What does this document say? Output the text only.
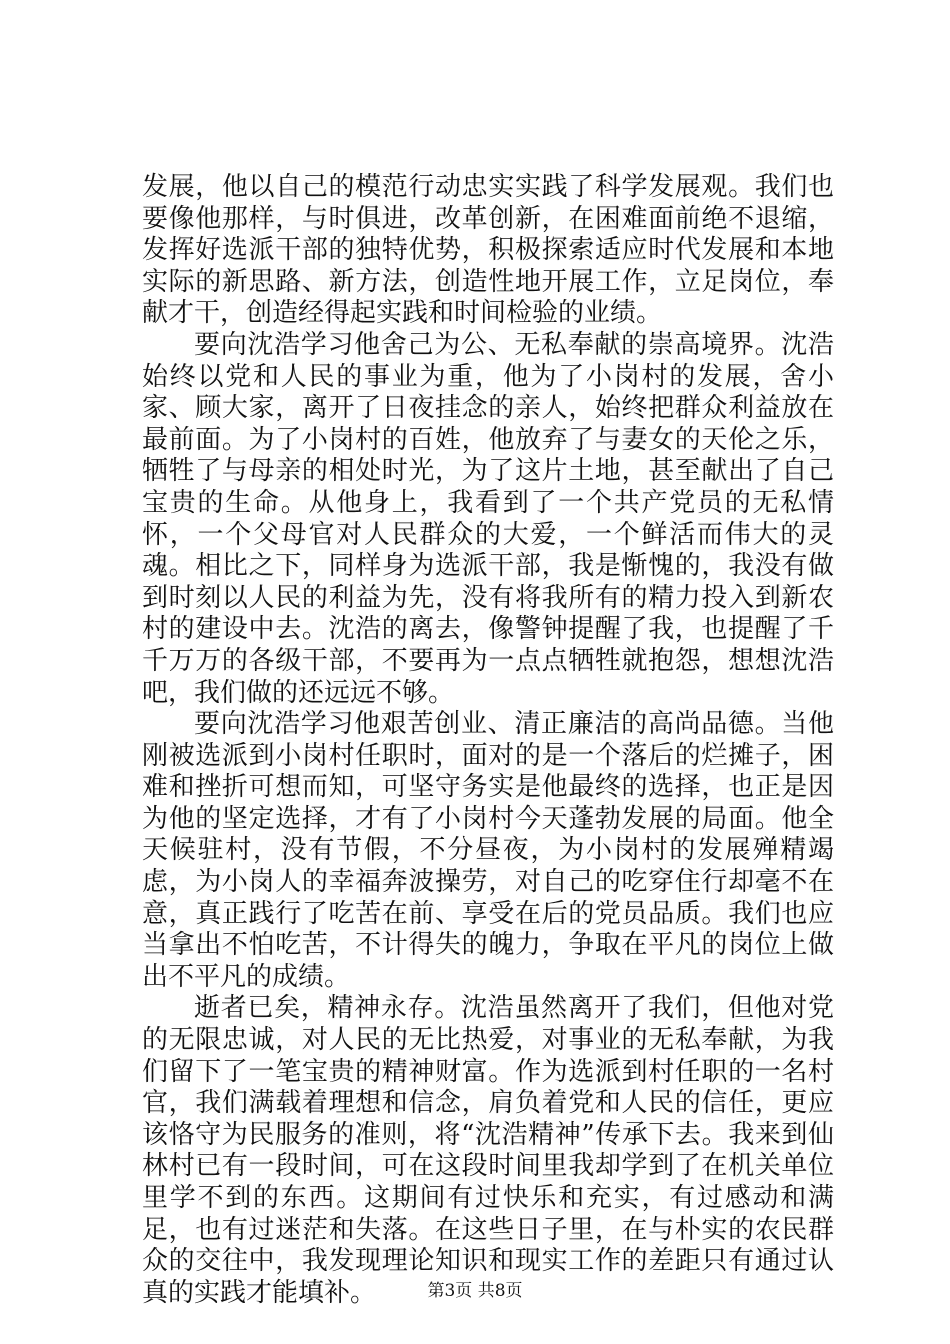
发展，他以自己的模范行动忠实实践了科学发展观。我们也要像他那样，与时俱进，改革创新，在困难面前绝不退缩，发挥好选派干部的独特优势，积极探索适应时代发展和本地实际的新思路、新方法，创造性地开展工作，立足岗位，奉献才干，创造经得起实践和时间检验的业绩。

要向沈浩学习他舍己为公、无私奉献的崇高境界。沈浩始终以党和人民的事业为重，他为了小岗村的发展，舍小家、顾大家，离开了日夜挂念的亲人，始终把群众利益放在最前面。为了小岗村的百姓，他放弃了与妻女的天伦之乐，牺牲了与母亲的相处时光，为了这片土地，甚至献出了自己宝贵的生命。从他身上，我看到了一个共产党员的无私情怀，一个父母官对人民群众的大爱，一个鲜活而伟大的灵魂。相比之下，同样身为选派干部，我是惭愧的，我没有做到时刻以人民的利益为先，没有将我所有的精力投入到新农村的建设中去。沈浩的离去，像警钟提醒了我，也提醒了千千万万的各级干部，不要再为一点点牺牲就抱怨，想想沈浩吧，我们做的还远远不够。

要向沈浩学习他艰苦创业、清正廉洁的高尚品德。当他刚被选派到小岗村任职时，面对的是一个落后的烂摊子，困难和挫折可想而知，可坚守务实是他最终的选择，也正是因为他的坚定选择，才有了小岗村今天蓬勃发展的局面。他全天候驻村，没有节假，不分昼夜，为小岗村的发展殚精竭虑，为小岗人的幸福奔波操劳，对自己的吃穿住行却毫不在意，真正践行了吃苦在前、享受在后的党员品质。我们也应当拿出不怕吃苦，不计得失的魄力，争取在平凡的岗位上做出不平凡的成绩。

逝者已矣，精神永存。沈浩虽然离开了我们，但他对党的无限忠诚，对人民的无比热爱，对事业的无私奉献，为我们留下了一笔宝贵的精神财富。作为选派到村任职的一名村官，我们满载着理想和信念，肩负着党和人民的信任，更应该恪守为民服务的准则，将“沈浩精神”传承下去。我来到仙林村已有一段时间，可在这段时间里我却学到了在机关单位里学不到的东西。这期间有过快乐和充实，有过感动和满足，也有过迷茫和失落。在这些日子里，在与朴实的农民群众的交往中，我发现理论知识和现实工作的差距只有通过认真的实践才能填补。	第3页 共8页
